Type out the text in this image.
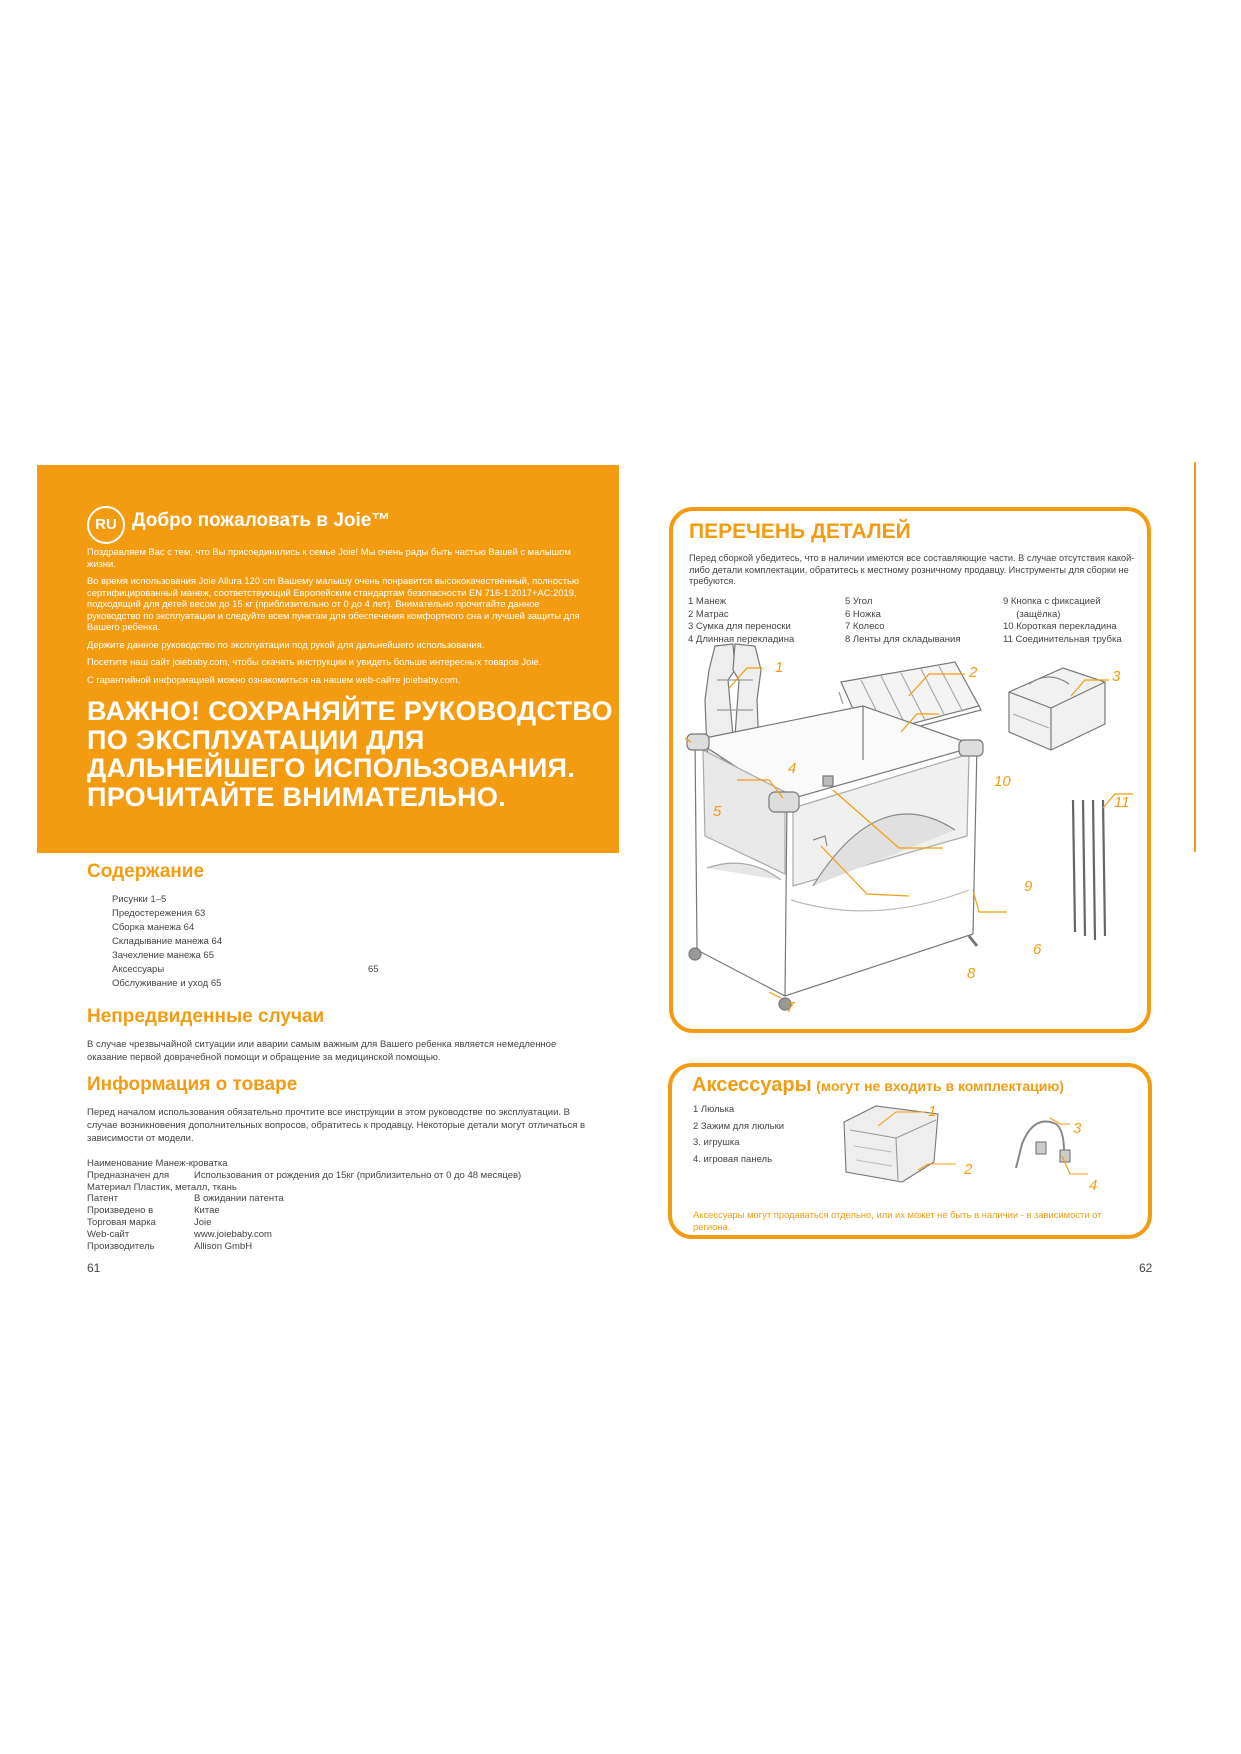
RU Добро пожаловать в Joie™

Поздравляем Вас с тем, что Вы присоединились к семье Joie! Мы очень рады быть частью Вашей с малышом жизни.

Во время использования Joie Allura 120 cm Вашему малышу очень понравится высококачественный, полностью сертифицированный манеж, соответствующий Европейским стандартам безопасности EN 716-1:2017+AC:2019, подходящий для детей весом до 15 кг (приблизительно от 0 до 4 лет). Внимательно прочитайте данное руководство по эксплуатации и следуйте всем пунктам для обеспечения комфортного сна и лучшей защиты для Вашего ребенка.

Держите данное руководство по эксплуатации под рукой для дальнейшего использования.

Посетите наш сайт joiebaby.com, чтобы скачать инструкции и увидеть больше интересных товаров Joie.

С гарантийной информацией можно ознакомиться на нашем web-сайте joiebaby.com.

ВАЖНО! СОХРАНЯЙТЕ РУКОВОДСТВО ПО ЭКСПЛУАТАЦИИ ДЛЯ ДАЛЬНЕЙШЕГО ИСПОЛЬЗОВАНИЯ. ПРОЧИТАЙТЕ ВНИМАТЕЛЬНО.
Содержание
Рисунки 1–5
Предостережения 63
Сборка манежа 64
Складывание манежа 64
Зачехление манежа 65
Аксессуары	65
Обслуживание и уход 65
Непредвиденные случаи
В случае чрезвычайной ситуации или аварии самым важным для Вашего ребенка является немедленное оказание первой доврачебной помощи и обращение за медицинской помощью.
Информация о товаре
Перед началом использования обязательно прочтите все инструкции в этом руководстве по эксплуатации. В случае возникновения дополнительных вопросов, обратитесь к продавцу. Некоторые детали могут отличаться в зависимости от модели.
Наименование Манеж-кроватка
Предназначен для	Использования от рождения до 15кг (приблизительно от 0 до 48 месяцев)
Материал Пластик, металл, ткань
Патент	В ожидании патента
Произведено в	Китае
Торговая марка	Joie
Web-сайт	www.joiebaby.com
Производитель	Allison GmbH
61
ПЕРЕЧЕНЬ ДЕТАЛЕЙ
Перед сборкой убедитесь, что в наличии имеются все составляющие части. В случае отсутствия какой-либо детали комплектации, обратитесь к местному розничному продавцу. Инструменты для сборки не требуются.
1 Манеж
2 Матрас
3 Сумка для переноски
4 Длинная перекладина
5 Угол
6 Ножка
7 Колесо
8 Ленты для складывания
9 Кнопка с фиксацией
(защёлка)
10 Короткая перекладина
11 Соединительная трубка
1	2	3
4
5
6
7
8
9
10
11
Аксессуары (могут не входить в комплектацию)
1 Люлька
2 Зажим для люльки
3. игрушка
4. игровая панель
1
2
3
4
Аксессуары могут продаваться отдельно, или их может не быть в наличии - в зависимости от региона.
62
